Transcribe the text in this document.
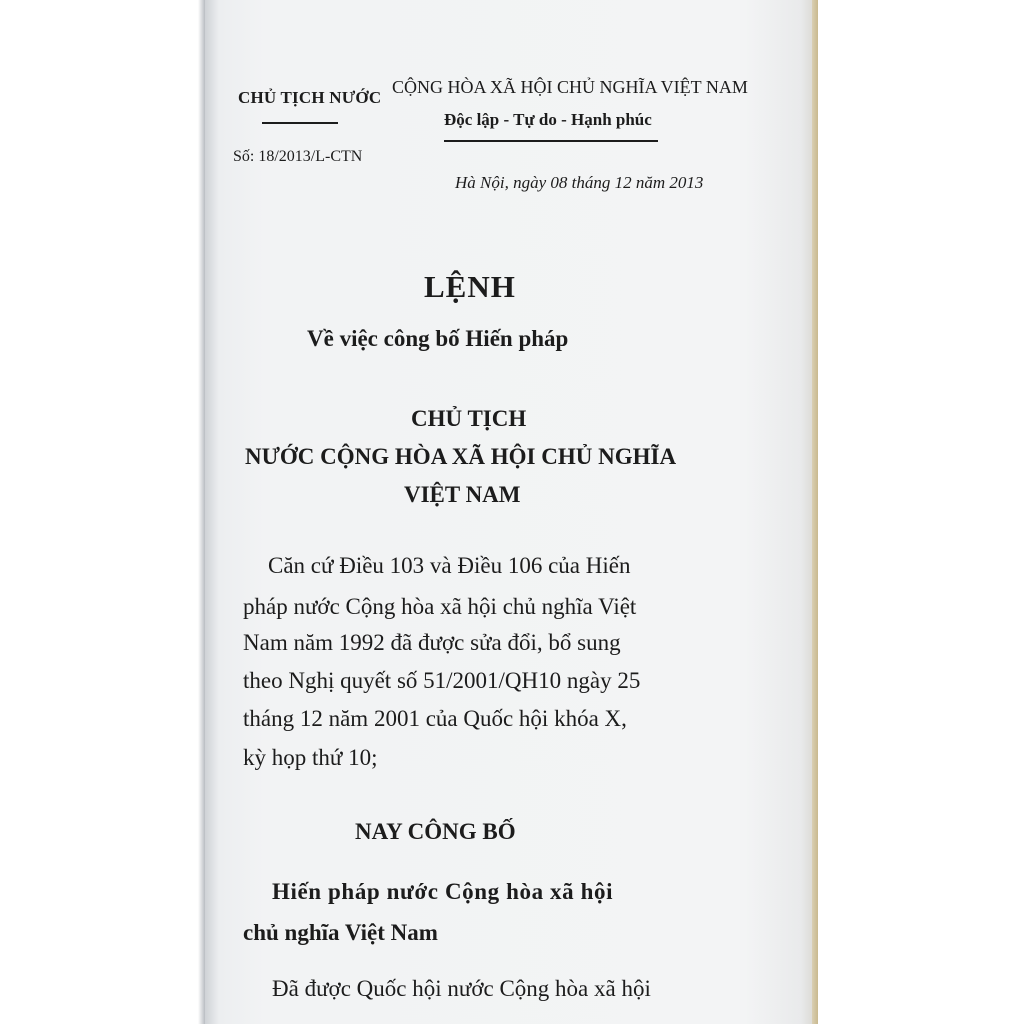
CHỦ TỊCH NƯỚC
CỘNG HÒA XÃ HỘI CHỦ NGHĨA VIỆT NAM
Độc lập - Tự do - Hạnh phúc
Số: 18/2013/L-CTN
Hà Nội, ngày 08 tháng 12 năm 2013
LỆNH
Về việc công bố Hiến pháp
CHỦ TỊCH
NƯỚC CỘNG HÒA XÃ HỘI CHỦ NGHĨA
VIỆT NAM
Căn cứ Điều 103 và Điều 106 của Hiến
pháp nước Cộng hòa xã hội chủ nghĩa Việt
Nam năm 1992 đã được sửa đổi, bổ sung
theo Nghị quyết số 51/2001/QH10 ngày 25
tháng 12 năm 2001 của Quốc hội khóa X,
kỳ họp thứ 10;
NAY CÔNG BỐ
Hiến pháp nước Cộng hòa xã hội
chủ nghĩa Việt Nam
Đã được Quốc hội nước Cộng hòa xã hội
